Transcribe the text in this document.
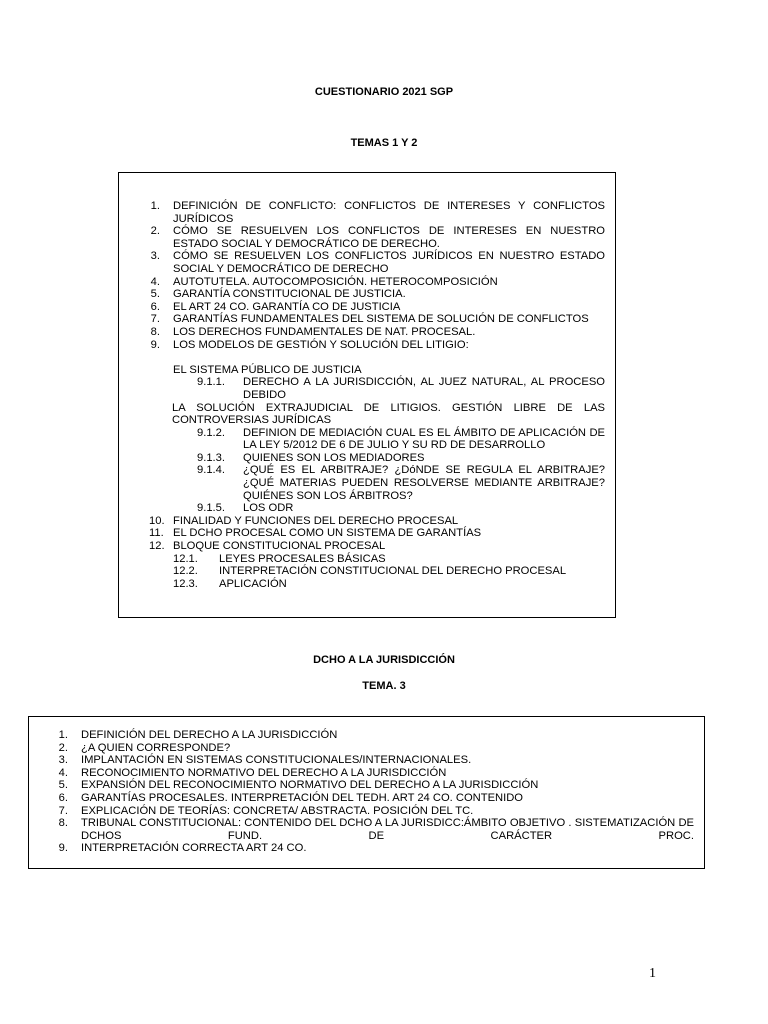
CUESTIONARIO 2021 SGP
TEMAS 1 Y 2
1. DEFINICIÓN DE CONFLICTO: CONFLICTOS DE INTERESES Y CONFLICTOS JURÍDICOS
2. CÓMO SE RESUELVEN LOS CONFLICTOS DE INTERESES EN NUESTRO ESTADO SOCIAL Y DEMOCRÁTICO DE DERECHO.
3. CÓMO SE RESUELVEN LOS CONFLICTOS JURÍDICOS EN NUESTRO ESTADO SOCIAL Y DEMOCRÁTICO DE DERECHO
4. AUTOTUTELA. AUTOCOMPOSICIÓN. HETEROCOMPOSICIÓN
5. GARANTÍA CONSTITUCIONAL DE JUSTICIA.
6. EL ART 24 CO. GARANTÍA CO DE JUSTICIA
7. GARANTÍAS FUNDAMENTALES DEL SISTEMA DE SOLUCIÓN DE CONFLICTOS
8. LOS DERECHOS FUNDAMENTALES DE NAT. PROCESAL.
9. LOS MODELOS DE GESTIÓN Y SOLUCIÓN DEL LITIGIO:
EL SISTEMA PÚBLICO DE JUSTICIA
9.1.1.	DERECHO A LA JURISDICCIÓN, AL JUEZ NATURAL, AL PROCESO DEBIDO
LA SOLUCIÓN EXTRAJUDICIAL DE LITIGIOS. GESTIÓN LIBRE DE LAS CONTROVERSIAS JURÍDICAS
9.1.2.	DEFINION DE MEDIACIÓN CUAL ES EL ÁMBITO DE APLICACIÓN DE LA LEY 5/2012 DE 6 DE JULIO Y SU RD DE DESARROLLO
9.1.3.	QUIENES SON LOS MEDIADORES
9.1.4.	¿QUÉ ES EL ARBITRAJE? ¿DóNDE SE REGULA EL ARBITRAJE? ¿QUÉ MATERIAS PUEDEN RESOLVERSE MEDIANTE ARBITRAJE? QUIÉNES SON LOS ÁRBITROS?
9.1.5.	LOS ODR
10. FINALIDAD Y FUNCIONES DEL DERECHO PROCESAL
11. EL DCHO PROCESAL COMO UN SISTEMA DE GARANTÍAS
12. BLOQUE CONSTITUCIONAL PROCESAL
12.1.	LEYES PROCESALES BÁSICAS
12.2.	INTERPRETACIÓN CONSTITUCIONAL DEL DERECHO PROCESAL
12.3.	APLICACIÓN
DCHO A LA JURISDICCIÓN
TEMA. 3
1. DEFINICIÓN DEL DERECHO A LA JURISDICCIÓN
2. ¿A QUIEN CORRESPONDE?
3. IMPLANTACIÓN EN SISTEMAS CONSTITUCIONALES/INTERNACIONALES.
4. RECONOCIMIENTO NORMATIVO DEL DERECHO A LA JURISDICCIÓN
5. EXPANSIÓN DEL RECONOCIMIENTO NORMATIVO DEL DERECHO A LA JURISDICCIÓN
6. GARANTÍAS PROCESALES. INTERPRETACIÓN DEL TEDH. ART 24 CO. CONTENIDO
7. EXPLICACIÓN DE TEORÍAS: CONCRETA/ ABSTRACTA. POSICIÓN DEL TC.
8. TRIBUNAL CONSTITUCIONAL: CONTENIDO DEL DCHO A LA JURISDICC:ÁMBITO OBJETIVO . SISTEMATIZACIÓN DE DCHOS FUND. DE CARÁCTER PROC.
9. INTERPRETACIÓN CORRECTA ART 24 CO.
1
